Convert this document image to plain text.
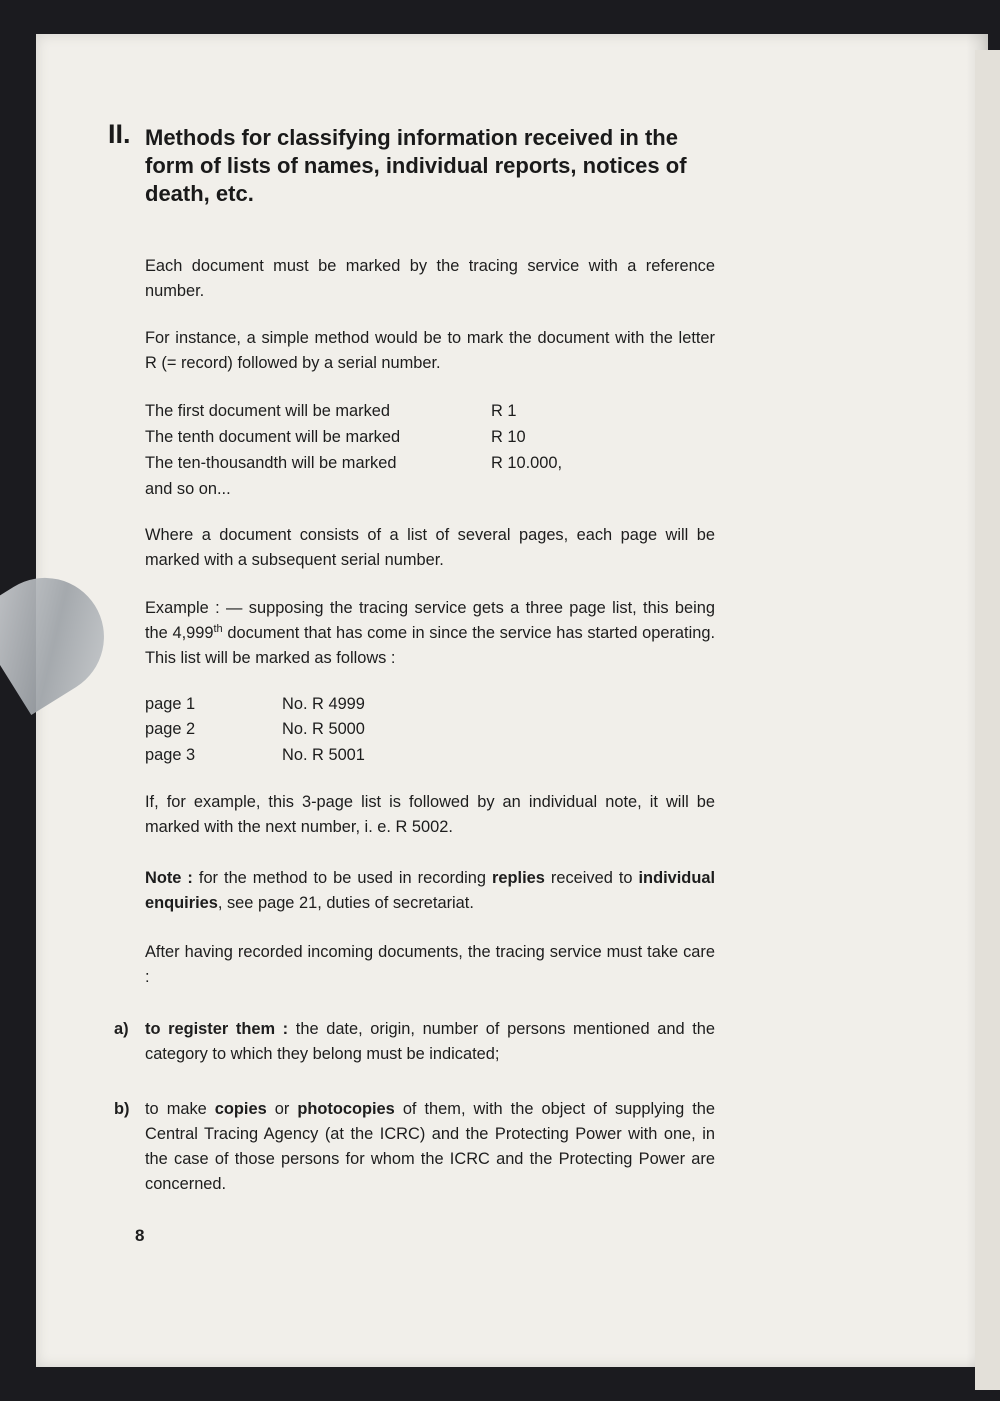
II. Methods for classifying information received in the form of lists of names, individual reports, notices of death, etc.
Each document must be marked by the tracing service with a reference number.
For instance, a simple method would be to mark the document with the letter R (= record) followed by a serial number.
The first document will be marked	R 1
The tenth document will be marked	R 10
The ten-thousandth will be marked	R 10.000,
and so on...
Where a document consists of a list of several pages, each page will be marked with a subsequent serial number.
Example : — supposing the tracing service gets a three page list, this being the 4,999th document that has come in since the service has started operating. This list will be marked as follows :
page 1	No. R 4999
page 2	No. R 5000
page 3	No. R 5001
If, for example, this 3-page list is followed by an individual note, it will be marked with the next number, i. e. R 5002.
Note : for the method to be used in recording replies received to individual enquiries, see page 21, duties of secretariat.
After having recorded incoming documents, the tracing service must take care :
a) to register them : the date, origin, number of persons mentioned and the category to which they belong must be indicated;
b) to make copies or photocopies of them, with the object of supplying the Central Tracing Agency (at the ICRC) and the Protecting Power with one, in the case of those persons for whom the ICRC and the Protecting Power are concerned.
8
